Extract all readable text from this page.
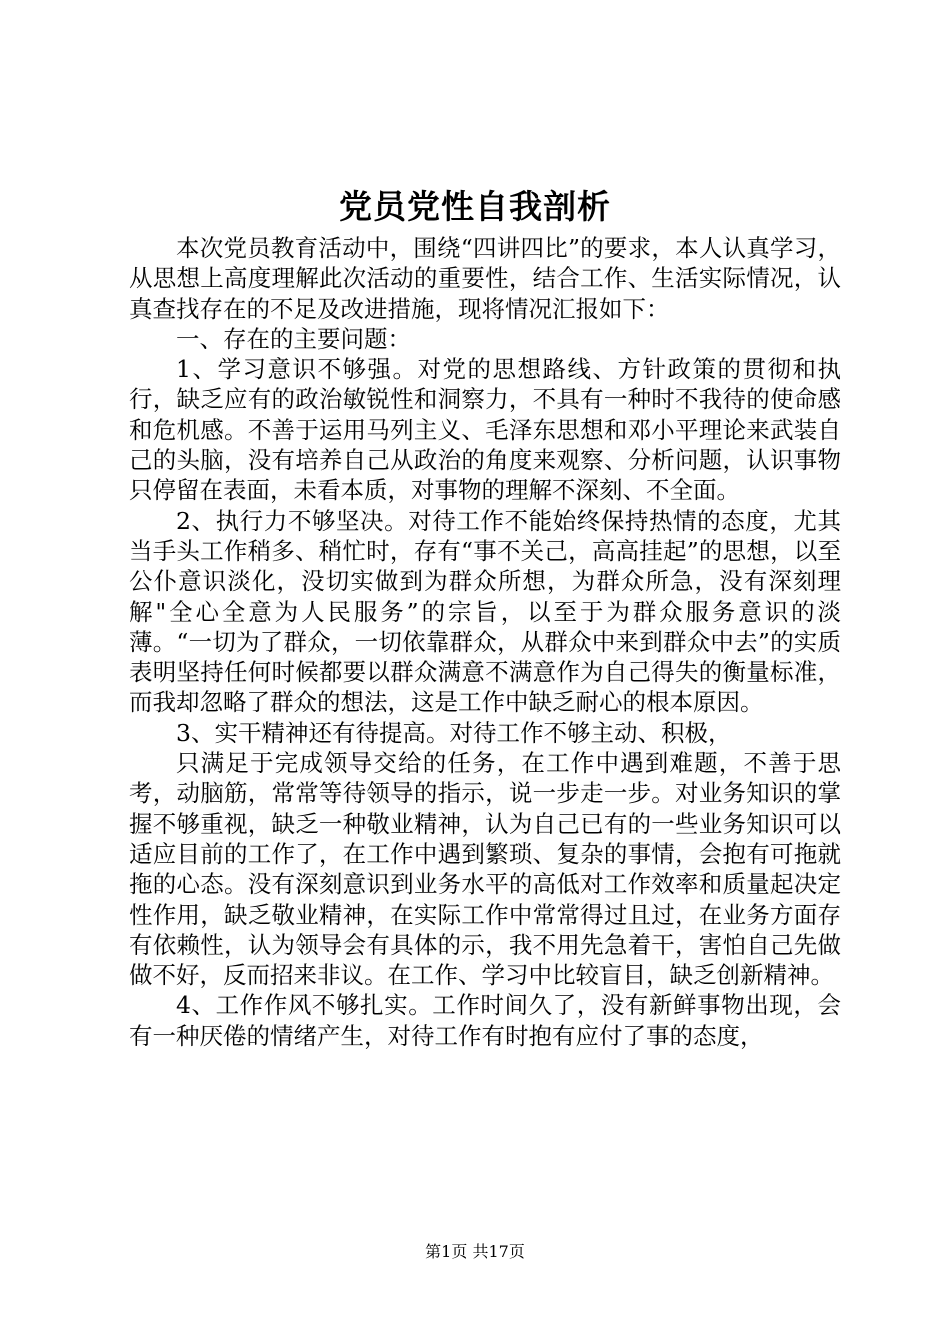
党员党性自我剖析

本次党员教育活动中，围绕“四讲四比”的要求，本人认真学习，从思想上高度理解此次活动的重要性，结合工作、生活实际情况，认真查找存在的不足及改进措施，现将情况汇报如下：

一、存在的主要问题：

1、学习意识不够强。对党的思想路线、方针政策的贯彻和执行，缺乏应有的政治敏锐性和洞察力，不具有一种时不我待的使命感和危机感。不善于运用马列主义、毛泽东思想和邓小平理论来武装自己的头脑，没有培养自己从政治的角度来观察、分析问题，认识事物只停留在表面，未看本质，对事物的理解不深刻、不全面。

2、执行力不够坚决。对待工作不能始终保持热情的态度，尤其当手头工作稍多、稍忙时，存有“事不关己，高高挂起”的思想，以至公仆意识淡化，没切实做到为群众所想，为群众所急，没有深刻理解"全心全意为人民服务”的宗旨，以至于为群众服务意识的淡薄。“一切为了群众，一切依靠群众，从群众中来到群众中去”的实质表明坚持任何时候都要以群众满意不满意作为自己得失的衡量标准，而我却忽略了群众的想法，这是工作中缺乏耐心的根本原因。

3、实干精神还有待提高。对待工作不够主动、积极，

只满足于完成领导交给的任务，在工作中遇到难题，不善于思考，动脑筋，常常等待领导的指示，说一步走一步。对业务知识的掌握不够重视，缺乏一种敬业精神，认为自己已有的一些业务知识可以适应目前的工作了，在工作中遇到繁琐、复杂的事情，会抱有可拖就拖的心态。没有深刻意识到业务水平的高低对工作效率和质量起决定性作用，缺乏敬业精神，在实际工作中常常得过且过，在业务方面存有依赖性，认为领导会有具体的示，我不用先急着干，害怕自己先做做不好，反而招来非议。在工作、学习中比较盲目，缺乏创新精神。

4、工作作风不够扎实。工作时间久了，没有新鲜事物出现，会有一种厌倦的情绪产生，对待工作有时抱有应付了事的态度，

第1页 共17页
